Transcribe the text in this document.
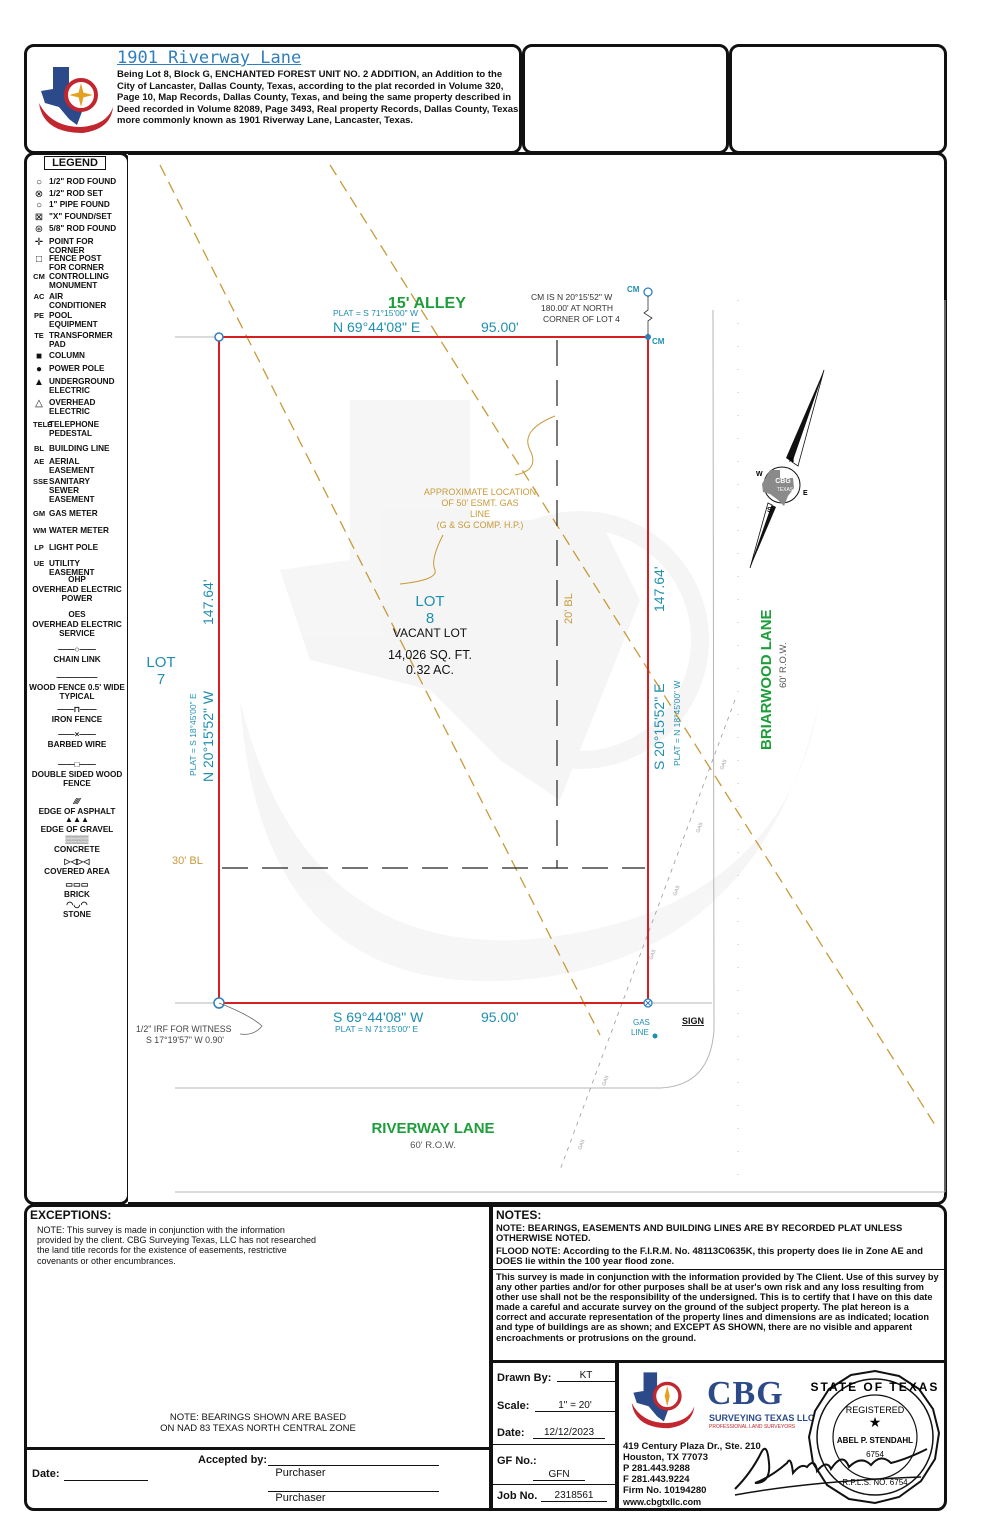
1901 Riverway Lane
Being Lot 8, Block G, ENCHANTED FOREST UNIT NO. 2 ADDITION, an Addition to the City of Lancaster, Dallas County, Texas, according to the plat recorded in Volume 320, Page 10, Map Records, Dallas County, Texas, and being the same property described in Deed recorded in Volume 82089, Page 3493, Real property Records, Dallas County, Texas, more commonly known as 1901 Riverway Lane, Lancaster, Texas.
LEGEND
○ 1/2" ROD FOUND
⊗ 1/2" ROD SET
○ 1" PIPE FOUND
⊠ "X" FOUND/SET
⊛ 5/8" ROD FOUND
✛ POINT FOR CORNER
□ FENCE POST FOR CORNER
CM CONTROLLING MONUMENT
AC AIR CONDITIONER
PE POOL EQUIPMENT
TE TRANSFORMER PAD
■ COLUMN
● POWER POLE
▲ UNDERGROUND ELECTRIC
△ OVERHEAD ELECTRIC
TELE
TELEPHONE PEDESTAL
BL BUILDING LINE
AE AERIAL EASEMENT
SSE SANITARY SEWER EASEMENT
GM GAS METER
WM WATER METER
LP LIGHT POLE
UE UTILITY EASEMENT
OHP
OVERHEAD ELECTRIC POWER
OES
OVERHEAD ELECTRIC SERVICE
——○——
CHAIN LINK
—————
WOOD FENCE 0.5' WIDE TYPICAL
——⊓——
IRON FENCE
——×——
BARBED WIRE
——□——
DOUBLE SIDED WOOD FENCE
⁄⁄⁄⁄
EDGE OF ASPHALT
▲▲▲
EDGE OF GRAVEL
▒▒▒▒
CONCRETE
▷◁▷◁
COVERED AREA
▭▭▭
BRICK
◠◡◠
STONE
20' BL
30' BL
CM
CM
15' ALLEY
PLAT = S 71°15'00" W
N 69°44'08" E	95.00'
CM IS N 20°15'52" W
180.00' AT NORTH
CORNER OF LOT 4
APPROXIMATE LOCATION
OF 50' ESMT. GAS
LINE
(G & SG COMP. H.P.)
LOT
8
VACANT LOT
14,026 SQ. FT.
0.32 AC.
LOT
7
N 20°15'52" W
147.64'
PLAT = S 18°45'00" E	S 20°15'52" E
147.64'
PLAT = N 18°45'00" W
S 69°44'08" W	95.00'
PLAT = N 71°15'00" E
1/2" IRF FOR WITNESS
S 17°19'57" W 0.90'
GAS
LINE
SIGN
GAS
GAS
GAS
GAS
GAS
GAS
RIVERWAY LANE
60' R.O.W.
BRIARWOOD LANE 60' R.O.W.
CBG
TEXAS
N
E
S
W
EXCEPTIONS:
NOTE: This survey is made in conjunction with the information provided by the client. CBG Surveying Texas, LLC has not researched the land title records for the existence of easements, restrictive covenants or other encumbrances.
NOTE: BEARINGS SHOWN ARE BASED
ON NAD 83 TEXAS NORTH CENTRAL ZONE
Date:
Accepted by:
Purchaser
Purchaser
NOTES:

NOTE: BEARINGS, EASEMENTS AND BUILDING LINES ARE BY RECORDED PLAT UNLESS OTHERWISE NOTED.

FLOOD NOTE: According to the F.I.R.M. No. 48113C0635K, this property does lie in Zone AE and DOES lie within the 100 year flood zone.

This survey is made in conjunction with the information provided by The Client. Use of this survey by any other parties and/or for other purposes shall be at user's own risk and any loss resulting from other use shall not be the responsibility of the undersigned. This is to certify that I have on this date made a careful and accurate survey on the ground of the subject property. The plat hereon is a correct and accurate representation of the property lines and dimensions are as indicated; location and type of buildings are as shown; and EXCEPT AS SHOWN, there are no visible and apparent encroachments or protrusions on the ground.

Drawn By:	KT
Scale:	1" = 20'
Date:	12/12/2023
GF No.:
GFN
Job No.	2318561
CBG
SURVEYING TEXAS LLC
PROFESSIONAL LAND SURVEYORS
419 Century Plaza Dr., Ste. 210
Houston, TX 77073
P 281.443.9288
F 281.443.9224
Firm No. 10194280
www.cbgtxllc.com
STATE OF TEXAS
REGISTERED
★
ABEL P. STENDAHL
6754
R.P.L.S. NO. 6754
